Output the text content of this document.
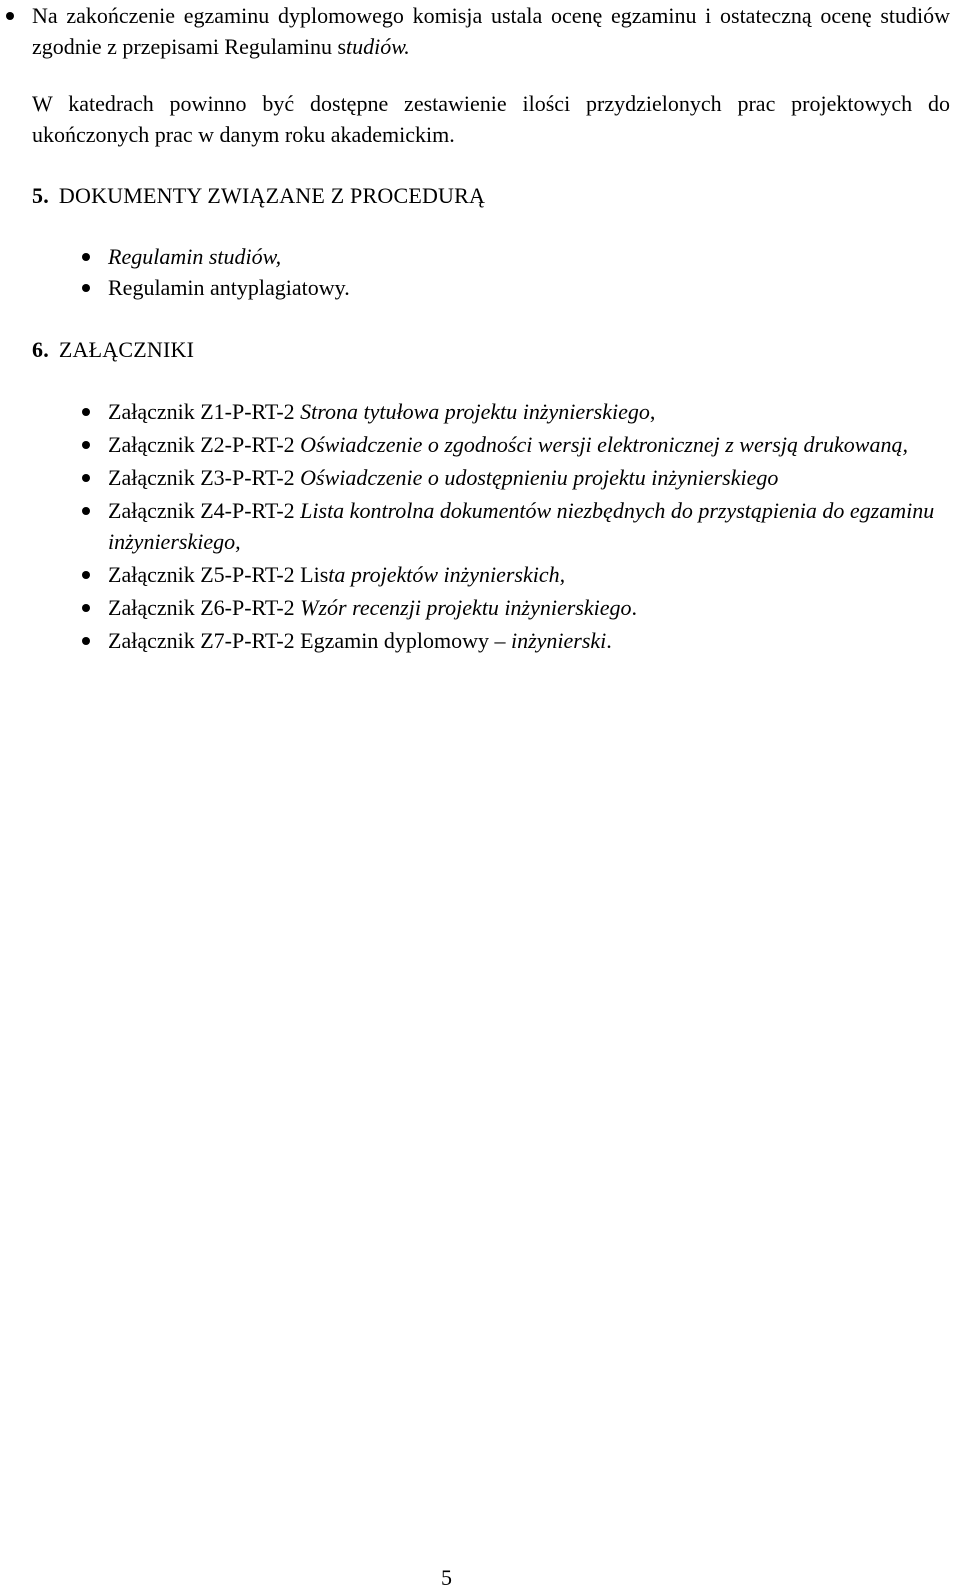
Na zakończenie egzaminu dyplomowego komisja ustala ocenę egzaminu i ostateczną ocenę studiów zgodnie z przepisami Regulaminu studiów.
W katedrach powinno być dostępne zestawienie ilości przydzielonych prac projektowych do ukończonych prac w danym roku akademickim.
5. DOKUMENTY ZWIĄZANE Z PROCEDURĄ
Regulamin studiów,
Regulamin antyplagiatowy.
6. ZAŁĄCZNIKI
Załącznik Z1-P-RT-2 Strona tytułowa projektu inżynierskiego,
Załącznik Z2-P-RT-2 Oświadczenie o zgodności wersji elektronicznej z wersją drukowaną,
Załącznik Z3-P-RT-2 Oświadczenie o udostępnieniu projektu inżynierskiego
Załącznik Z4-P-RT-2 Lista kontrolna dokumentów niezbędnych do przystąpienia do egzaminu inżynierskiego,
Załącznik Z5-P-RT-2 Lista projektów inżynierskich,
Załącznik Z6-P-RT-2 Wzór recenzji projektu inżynierskiego.
Załącznik Z7-P-RT-2 Egzamin dyplomowy – inżynierski.
5
